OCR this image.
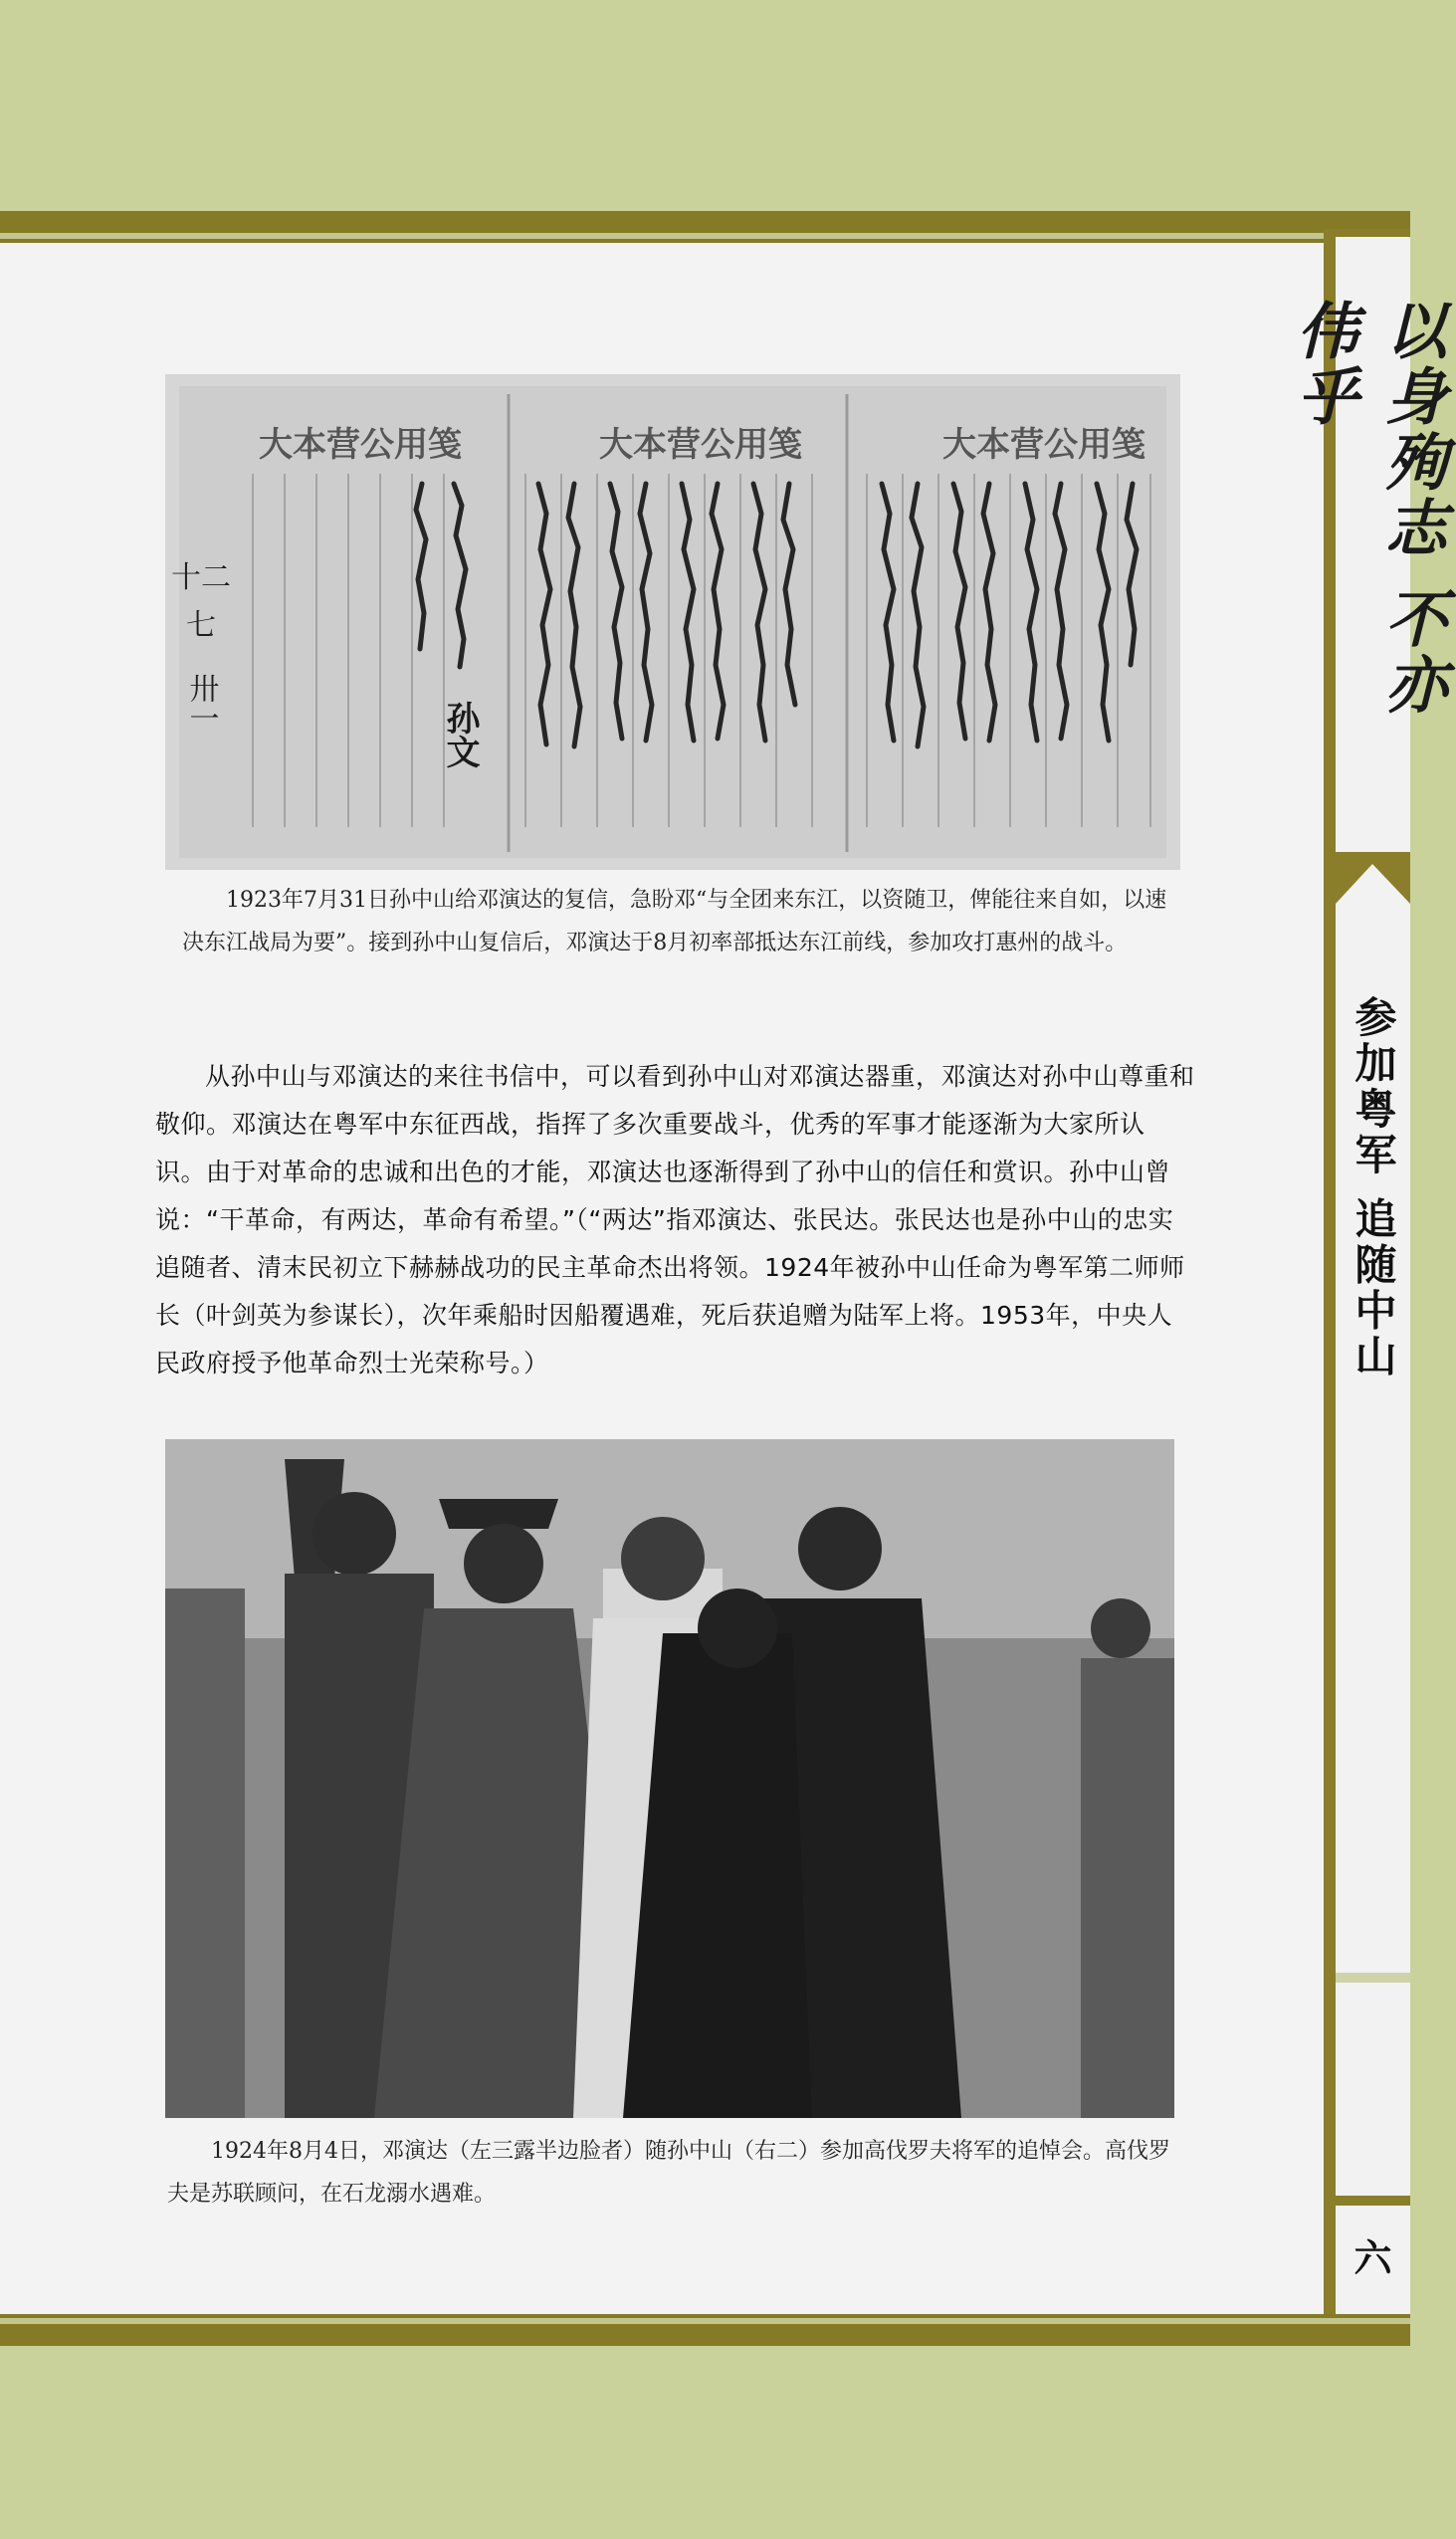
以身殉志 不亦伟乎
参加粤军 追随中山
六
大本营公用笺	大本营公用笺	大本营公用笺
卅一
七
十二
孙文

1923年7月31日孙中山给邓演达的复信，急盼邓“与全团来东江，以资随卫，俾能往来自如，以速决东江战局为要”。接到孙中山复信后，邓演达于8月初率部抵达东江前线，参加攻打惠州的战斗。

从孙中山与邓演达的来往书信中，可以看到孙中山对邓演达器重，邓演达对孙中山尊重和敬仰。邓演达在粤军中东征西战，指挥了多次重要战斗，优秀的军事才能逐渐为大家所认识。由于对革命的忠诚和出色的才能，邓演达也逐渐得到了孙中山的信任和赏识。孙中山曾说：“干革命，有两达，革命有希望。”（“两达”指邓演达、张民达。张民达也是孙中山的忠实追随者、清末民初立下赫赫战功的民主革命杰出将领。1924年被孙中山任命为粤军第二师师长（叶剑英为参谋长），次年乘船时因船覆遇难，死后获追赠为陆军上将。1953年，中央人民政府授予他革命烈士光荣称号。）

1924年8月4日，邓演达（左三露半边脸者）随孙中山（右二）参加高伐罗夫将军的追悼会。高伐罗夫是苏联顾问，在石龙溺水遇难。
